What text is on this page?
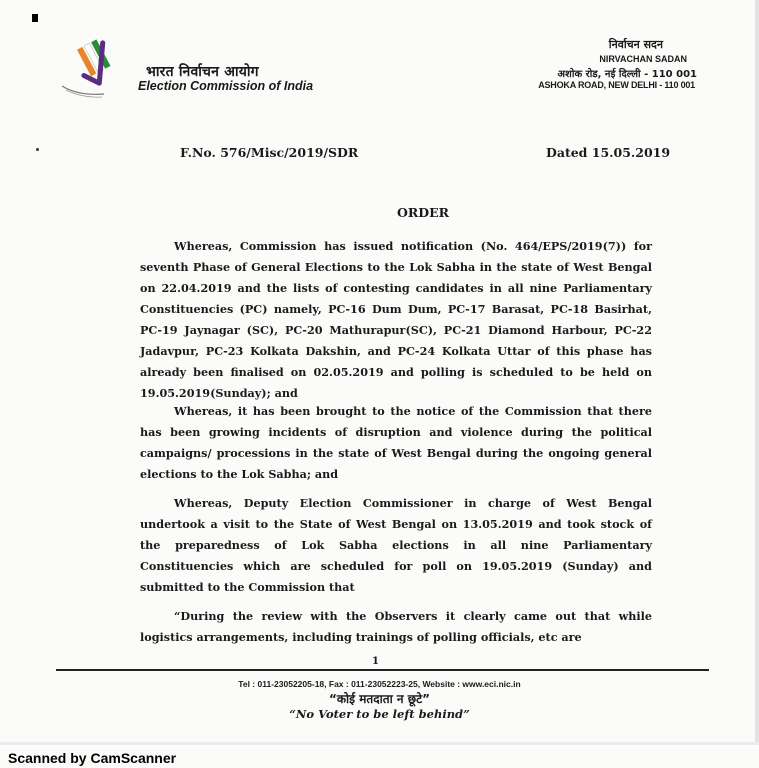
भारत निर्वाचन आयोग
Election Commission of India
निर्वाचन सदन
NIRVACHAN SADAN
अशोक रोड, नई दिल्ली - 110 001
ASHOKA ROAD, NEW DELHI - 110 001
F.No. 576/Misc/2019/SDR	Dated 15.05.2019
ORDER
Whereas, Commission has issued notification (No. 464/EPS/2019(7)) for seventh Phase of General Elections to the Lok Sabha in the state of West Bengal on 22.04.2019 and the lists of contesting candidates in all nine Parliamentary Constituencies (PC) namely, PC-16 Dum Dum, PC-17 Barasat, PC-18 Basirhat, PC-19 Jaynagar (SC), PC-20 Mathurapur(SC), PC-21 Diamond Harbour, PC-22 Jadavpur, PC-23 Kolkata Dakshin, and PC-24 Kolkata Uttar of this phase has already been finalised on 02.05.2019 and polling is scheduled to be held on 19.05.2019(Sunday); and
Whereas, it has been brought to the notice of the Commission that there has been growing incidents of disruption and violence during the political campaigns/ processions in the state of West Bengal during the ongoing general elections to the Lok Sabha; and
Whereas, Deputy Election Commissioner in charge of West Bengal undertook a visit to the State of West Bengal on 13.05.2019 and took stock of the preparedness of Lok Sabha elections in all nine Parliamentary Constituencies which are scheduled for poll on 19.05.2019 (Sunday) and submitted to the Commission that
“During the review with the Observers it clearly came out that while logistics arrangements, including trainings of polling officials, etc are
1
Tel : 011-23052205-18, Fax : 011-23052223-25, Website : www.eci.nic.in
“कोई मतदाता न छूटे”
“No Voter to be left behind”
Scanned by CamScanner
